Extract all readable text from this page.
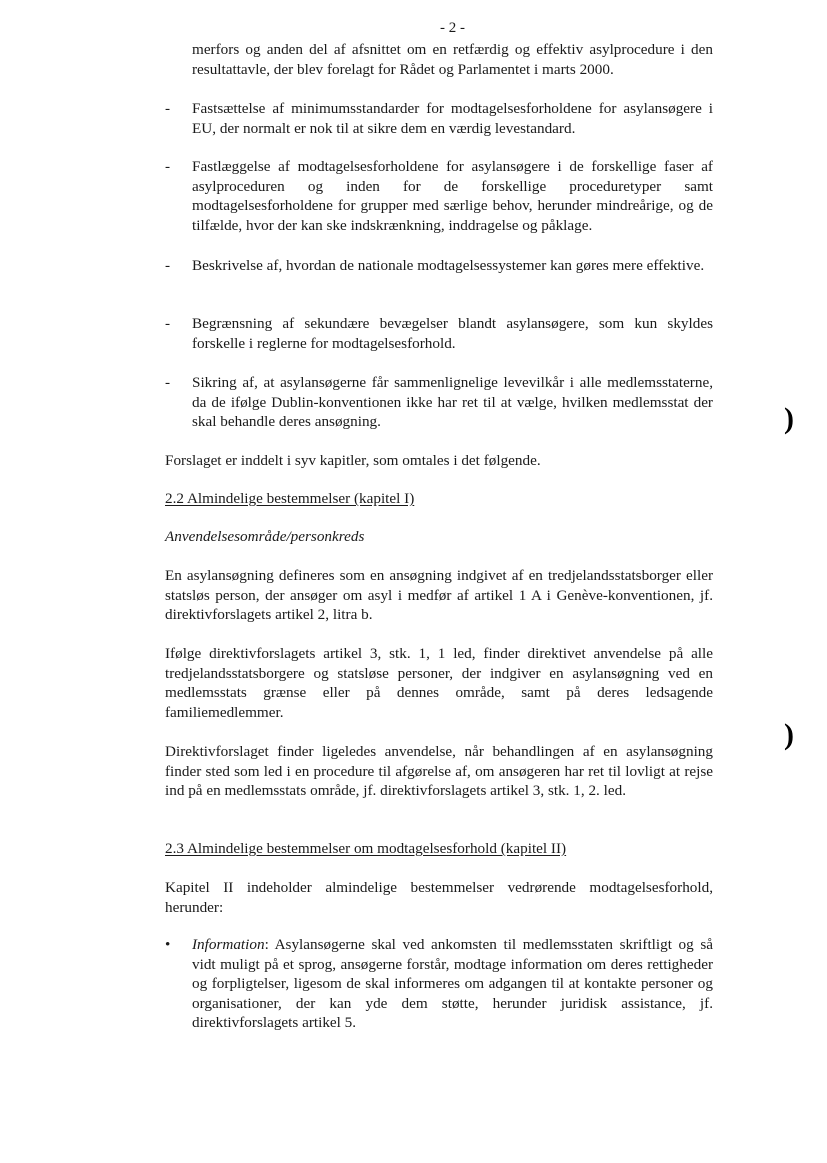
- 2 -

merfors og anden del af afsnittet om en retfærdig og effektiv asylprocedure i den resultattavle, der blev forelagt for Rådet og Parlamentet i marts 2000.

- Fastsættelse af minimumsstandarder for modtagelsesforholdene for asylansøgere i EU, der normalt er nok til at sikre dem en værdig levestandard.
- Fastlæggelse af modtagelsesforholdene for asylansøgere i de forskellige faser af asylproceduren og inden for de forskellige proceduretyper samt modtagelsesforholdene for grupper med særlige behov, herunder mindreårige, og de tilfælde, hvor der kan ske indskrænkning, inddragelse og påklage.
- Beskrivelse af, hvordan de nationale modtagelsessystemer kan gøres mere effektive.
- Begrænsning af sekundære bevægelser blandt asylansøgere, som kun skyldes forskelle i reglerne for modtagelsesforhold.
- Sikring af, at asylansøgerne får sammenlignelige levevilkår i alle medlemsstaterne, da de ifølge Dublin-konventionen ikke har ret til at vælge, hvilken medlemsstat der skal behandle deres ansøgning.

Forslaget er inddelt i syv kapitler, som omtales i det følgende.

2.2 Almindelige bestemmelser (kapitel I)

Anvendelsesområde/personkreds

En asylansøgning defineres som en ansøgning indgivet af en tredjelandsstatsborger eller statsløs person, der ansøger om asyl i medfør af artikel 1 A i Genève-konventionen, jf. direktivforslagets artikel 2, litra b.

Ifølge direktivforslagets artikel 3, stk. 1, 1 led, finder direktivet anvendelse på alle tredjelandsstatsborgere og statsløse personer, der indgiver en asylansøgning ved en medlemsstats grænse eller på dennes område, samt på deres ledsagende familiemedlemmer.

Direktivforslaget finder ligeledes anvendelse, når behandlingen af en asylansøgning finder sted som led i en procedure til afgørelse af, om ansøgeren har ret til lovligt at rejse ind på en medlemsstats område, jf. direktivforslagets artikel 3, stk. 1, 2. led.

2.3 Almindelige bestemmelser om modtagelsesforhold (kapitel II)

Kapitel II indeholder almindelige bestemmelser vedrørende modtagelsesforhold, herunder:

• Information: Asylansøgerne skal ved ankomsten til medlemsstaten skriftligt og så vidt muligt på et sprog, ansøgerne forstår, modtage information om deres rettigheder og forpligtelser, ligesom de skal informeres om adgangen til at kontakte personer og organisationer, der kan yde dem støtte, herunder juridisk assistance, jf. direktivforslagets artikel 5.
)
)
